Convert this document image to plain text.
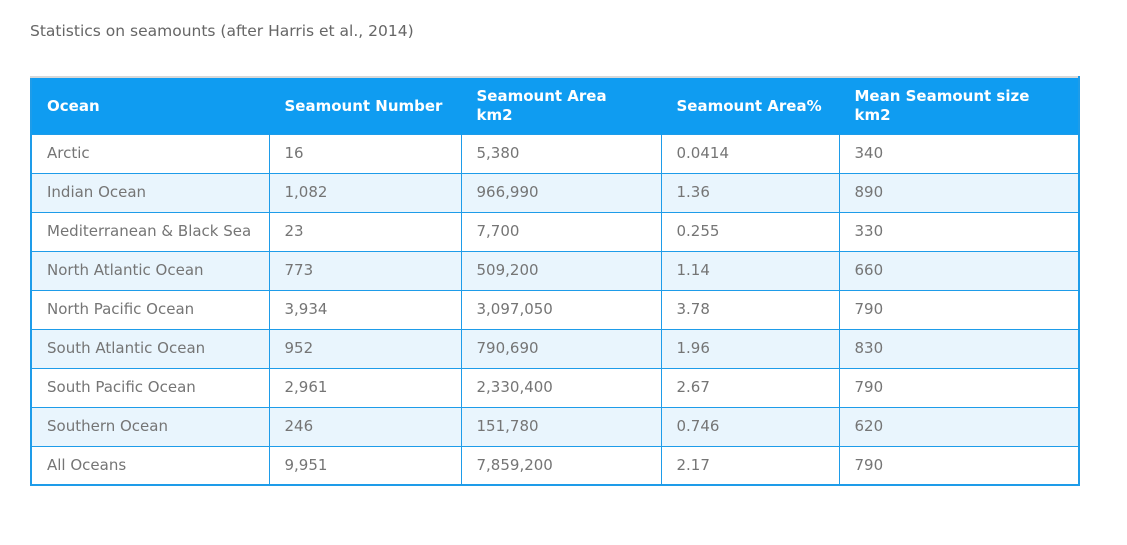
Statistics on seamounts (after Harris et al., 2014)
Ocean	Seamount Number	Seamount Area km2	Seamount Area%	Mean Seamount size km2
Arctic	16	5,380	0.0414	340
Indian Ocean	1,082	966,990	1.36	890
Mediterranean & Black Sea	23	7,700	0.255	330
North Atlantic Ocean	773	509,200	1.14	660
North Pacific Ocean	3,934	3,097,050	3.78	790
South Atlantic Ocean	952	790,690	1.96	830
South Pacific Ocean	2,961	2,330,400	2.67	790
Southern Ocean	246	151,780	0.746	620
All Oceans	9,951	7,859,200	2.17	790
